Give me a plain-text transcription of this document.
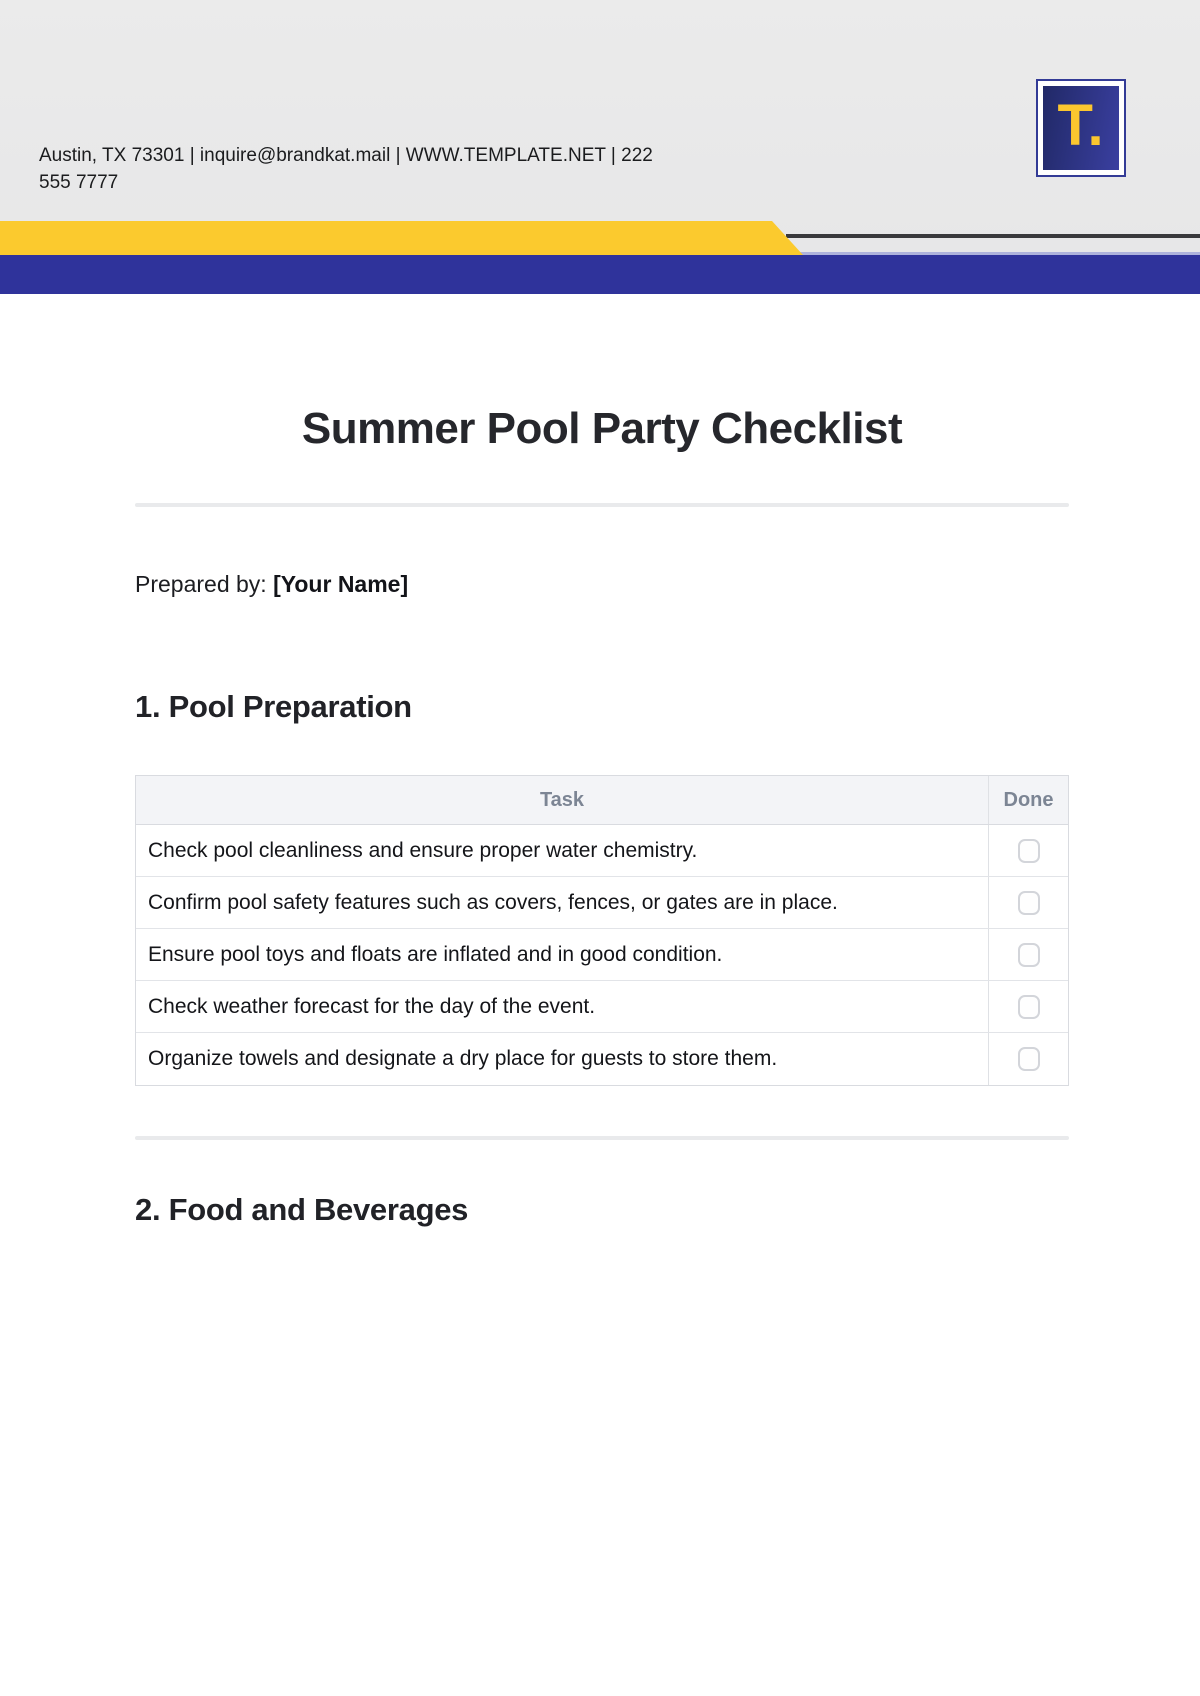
Austin, TX 73301 | inquire@brandkat.mail | WWW.TEMPLATE.NET | 222
555 7777
T.
Summer Pool Party Checklist

Prepared by: [Your Name]

1. Pool Preparation
Task	Done
Check pool cleanliness and ensure proper water chemistry.
Confirm pool safety features such as covers, fences, or gates are in place.
Ensure pool toys and floats are inflated and in good condition.
Check weather forecast for the day of the event.
Organize towels and designate a dry place for guests to store them.
2. Food and Beverages
